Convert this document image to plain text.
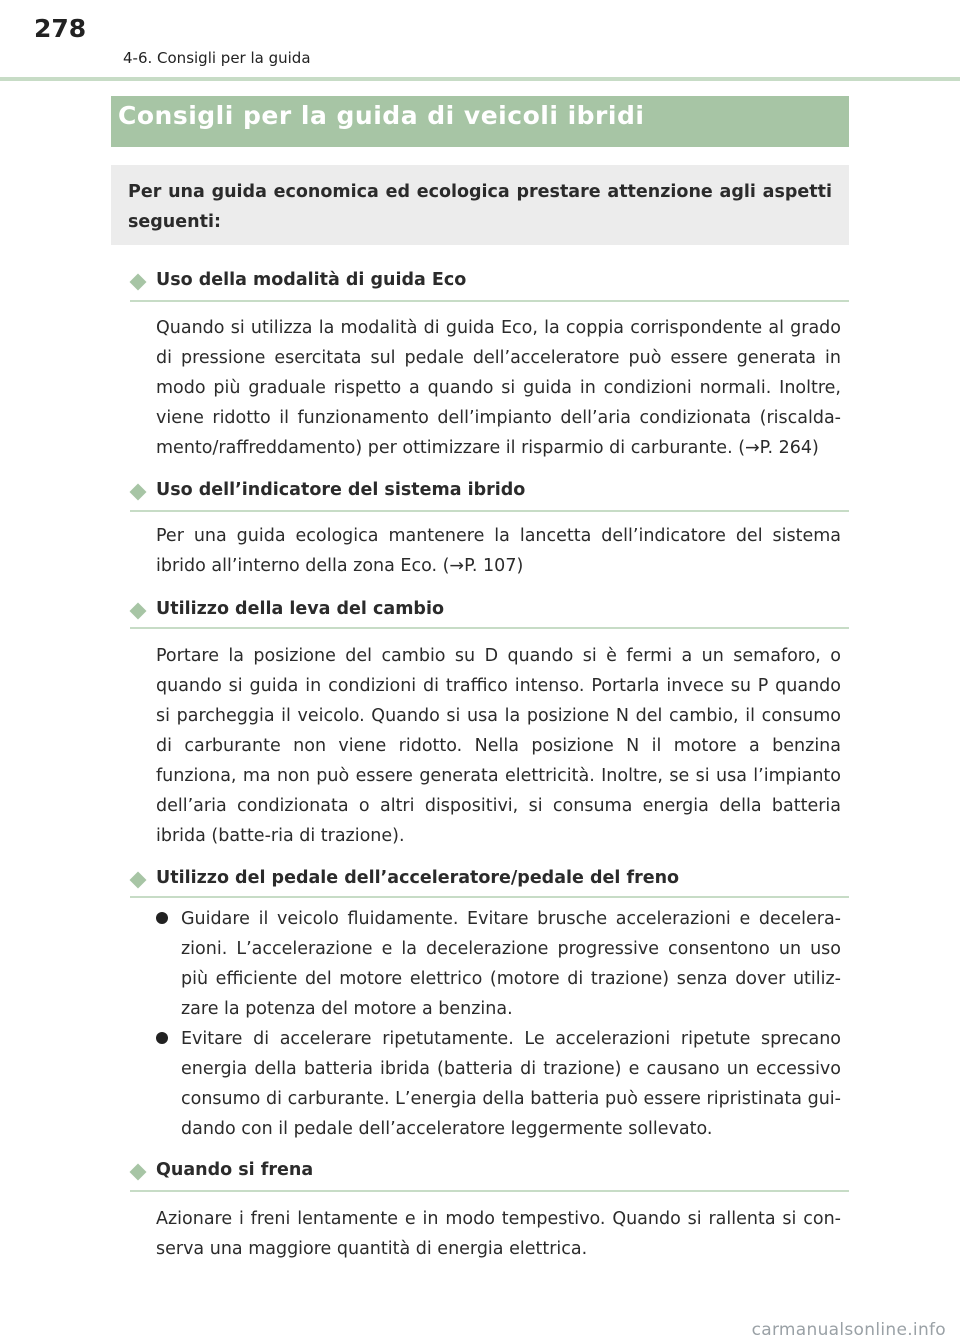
278
4-6. Consigli per la guida
Consigli per la guida di veicoli ibridi
Per una guida economica ed ecologica prestare attenzione agli aspetti seguenti:
Uso della modalità di guida Eco
Quando si utilizza la modalità di guida Eco, la coppia corrispondente al grado di pressione esercitata sul pedale dell’acceleratore può essere generata in modo più graduale rispetto a quando si guida in condizioni normali. Inoltre, viene ridotto il funzionamento dell’impianto dell’aria condizionata (riscalda-mento/raffreddamento) per ottimizzare il risparmio di carburante. (→P. 264)
Uso dell’indicatore del sistema ibrido
Per una guida ecologica mantenere la lancetta dell’indicatore del sistema ibrido all’interno della zona Eco. (→P. 107)
Utilizzo della leva del cambio
Portare la posizione del cambio su D quando si è fermi a un semaforo, o quando si guida in condizioni di traffico intenso. Portarla invece su P quando si parcheggia il veicolo. Quando si usa la posizione N del cambio, il consumo di carburante non viene ridotto. Nella posizione N il motore a benzina funziona, ma non può essere generata elettricità. Inoltre, se si usa l’impianto dell’aria condizionata o altri dispositivi, si consuma energia della batteria ibrida (batte-ria di trazione).
Utilizzo del pedale dell’acceleratore/pedale del freno
Guidare il veicolo fluidamente. Evitare brusche accelerazioni e decelera-zioni. L’accelerazione e la decelerazione progressive consentono un uso più efficiente del motore elettrico (motore di trazione) senza dover utiliz-zare la potenza del motore a benzina.
Evitare di accelerare ripetutamente. Le accelerazioni ripetute sprecano energia della batteria ibrida (batteria di trazione) e causano un eccessivo consumo di carburante. L’energia della batteria può essere ripristinata gui-dando con il pedale dell’acceleratore leggermente sollevato.
Quando si frena
Azionare i freni lentamente e in modo tempestivo. Quando si rallenta si con-serva una maggiore quantità di energia elettrica.
carmanualsonline.info
